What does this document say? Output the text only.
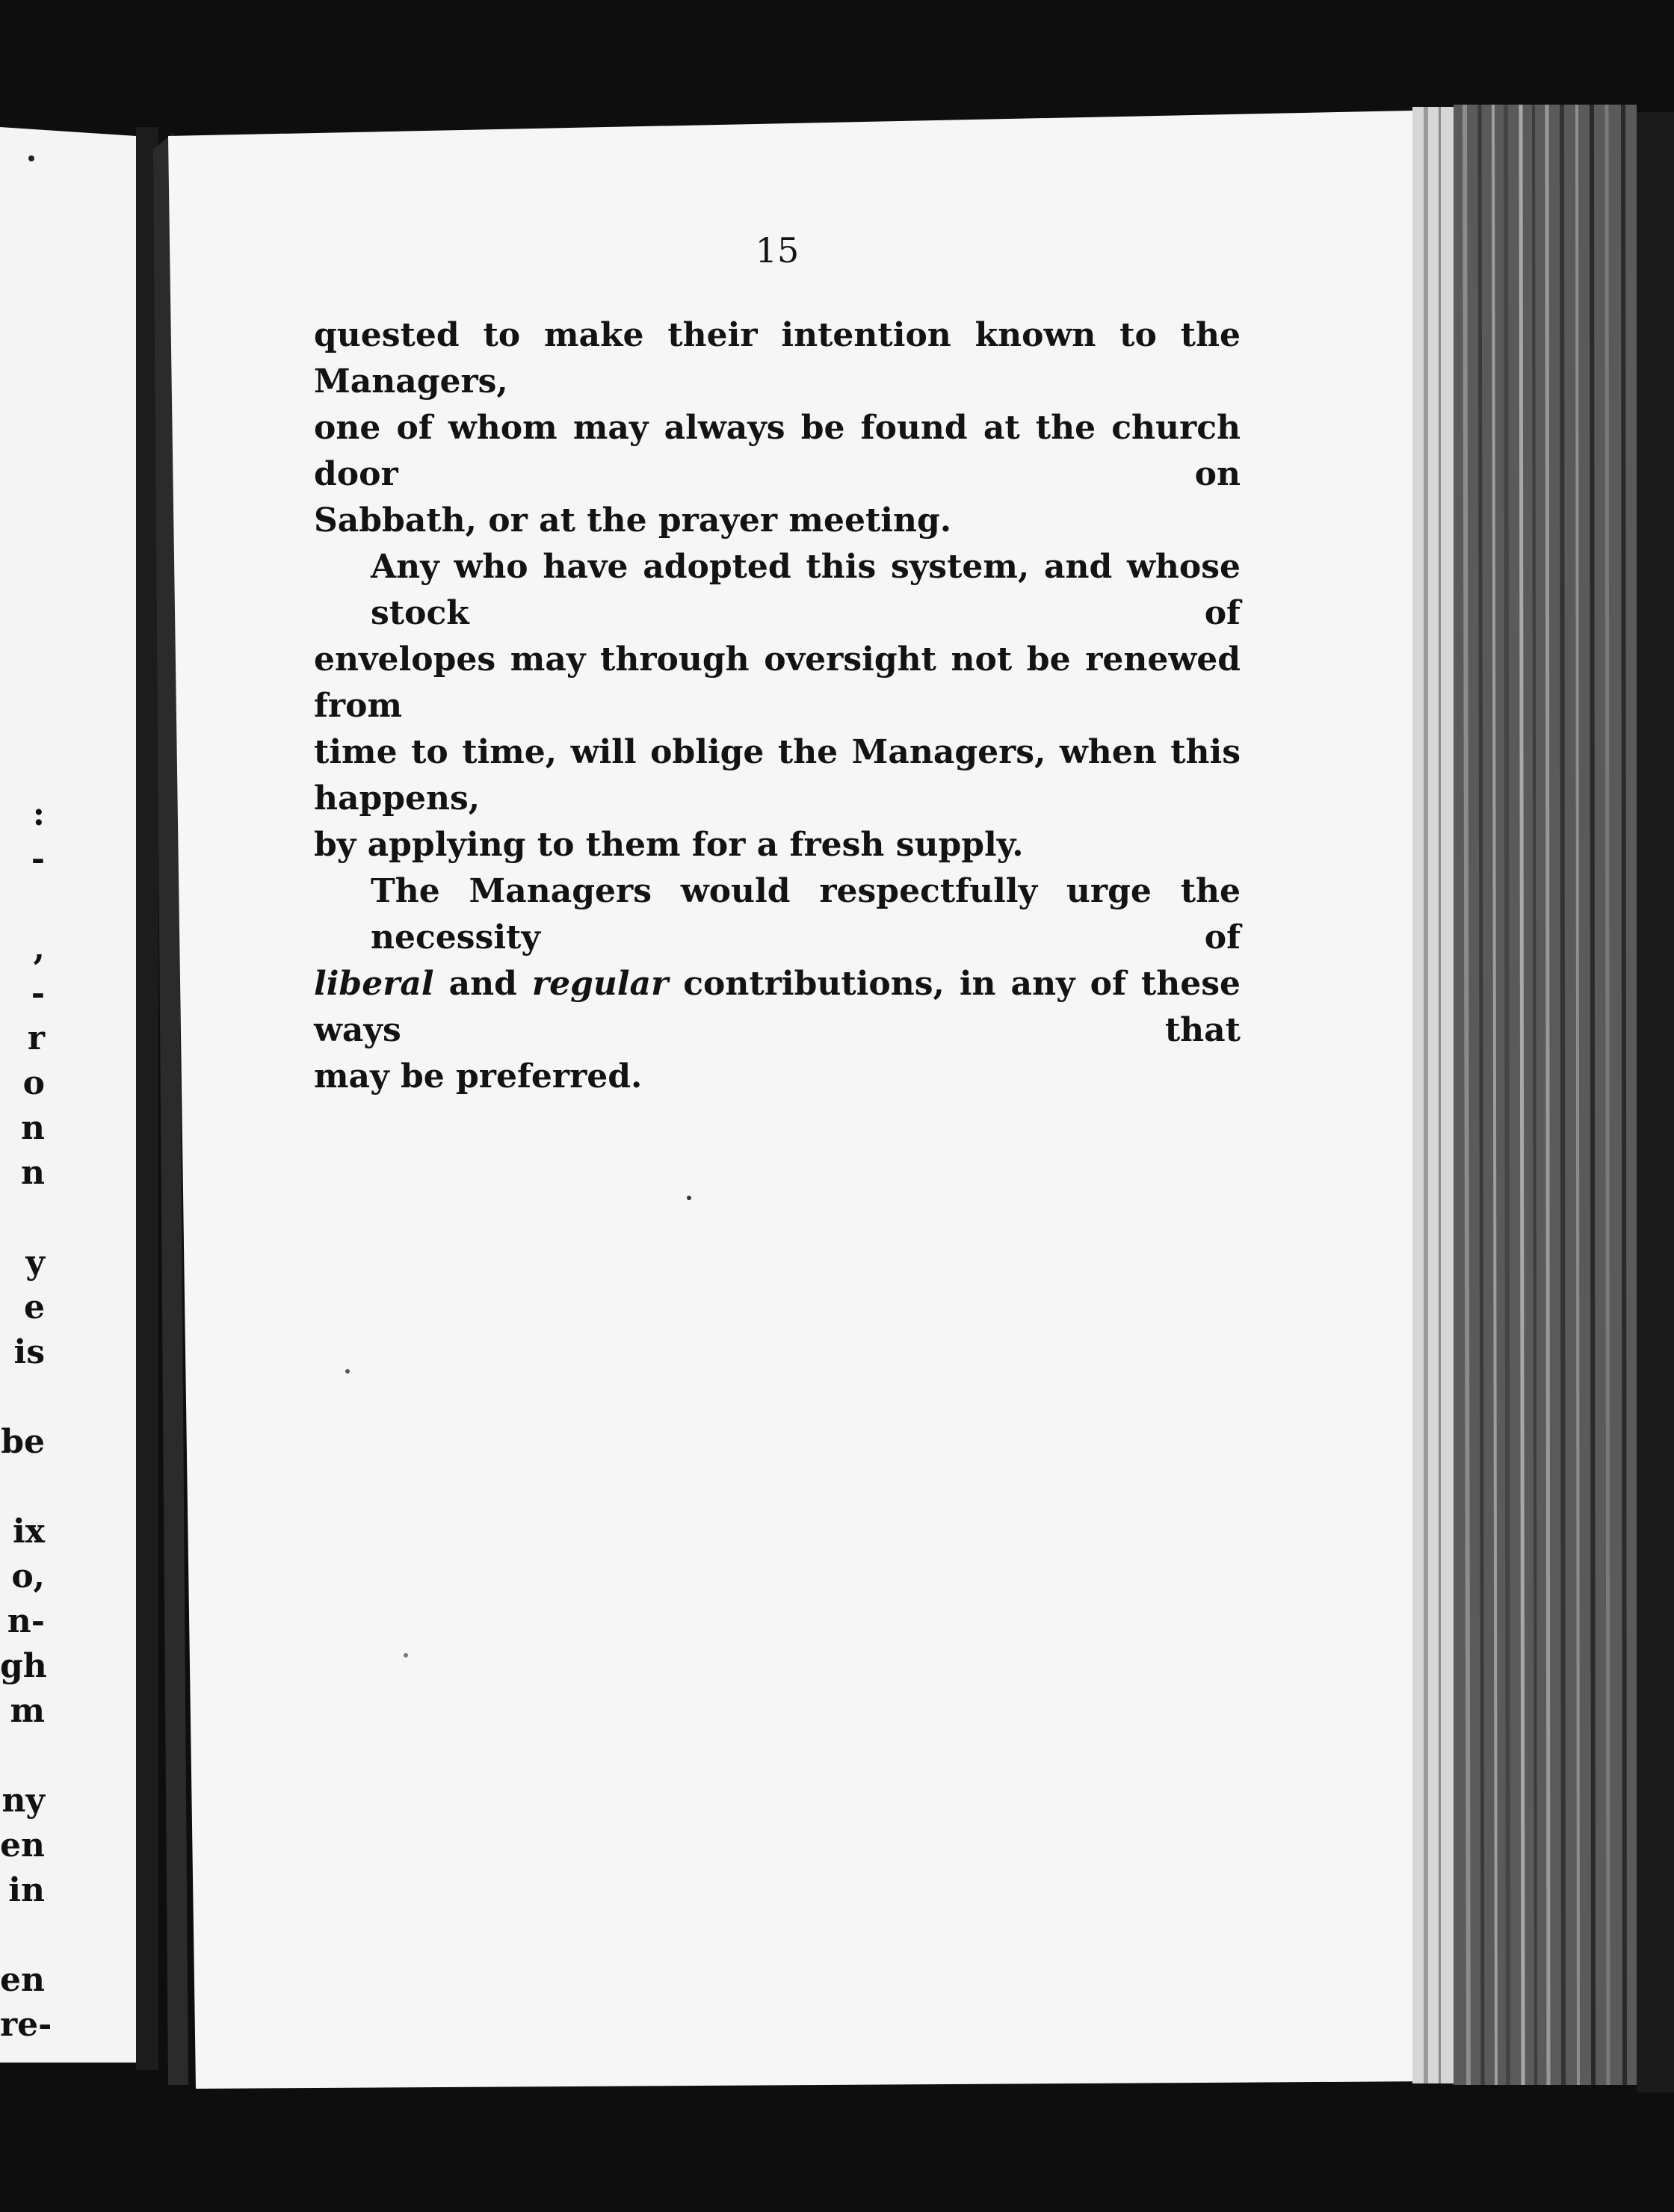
:
-
,
-
r
o
n
n
y
e
is
be
ix
o,
n-
gh
m
ny
en
in
en
re-
15

quested to make their intention known to the Managers,
one of whom may always be found at the church door on
Sabbath, or at the prayer meeting.

Any who have adopted this system, and whose stock of
envelopes may through oversight not be renewed from
time to time, will oblige the Managers, when this happens,
by applying to them for a fresh supply.

The Managers would respectfully urge the necessity of
liberal and regular contributions, in any of these ways that
may be preferred.
